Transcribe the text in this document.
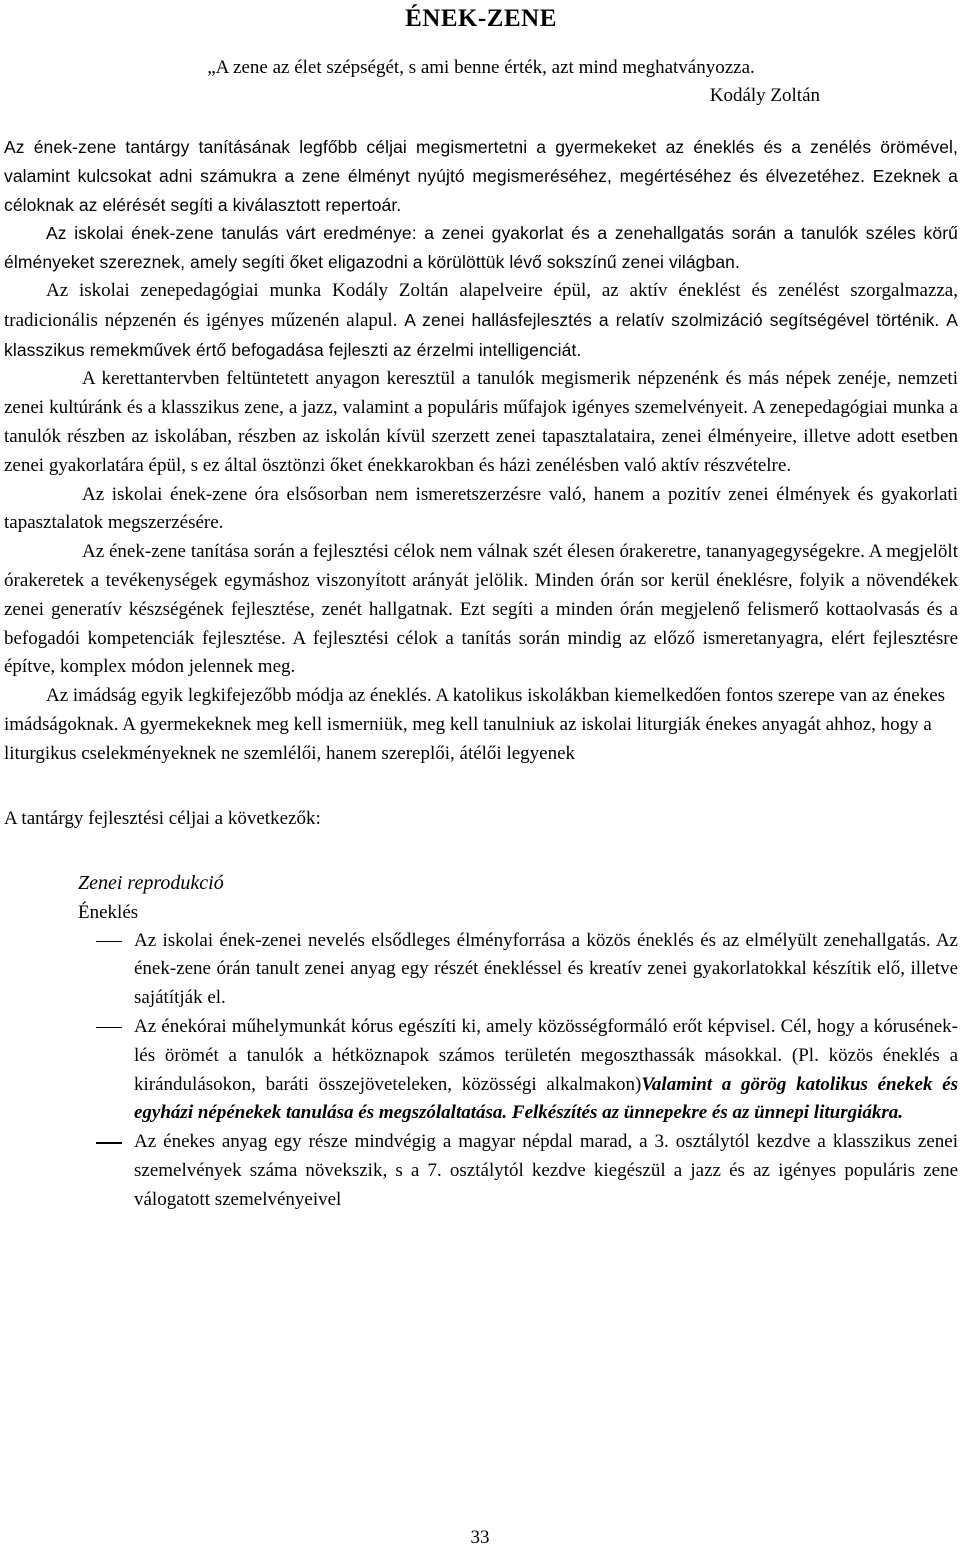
ÉNEK-ZENE
„A zene az élet szépségét, s ami benne érték, azt mind meghatványozza.
Kodály Zoltán

Az ének-zene tantárgy tanításának legfőbb céljai megismertetni a gyermekeket az éneklés és a zenélés örömével, valamint kulcsokat adni számukra a zene élményt nyújtó megismeréséhez, megértéséhez és élvezetéhez. Ezeknek a céloknak az elérését segíti a kiválasztott repertoár.

Az iskolai ének-zene tanulás várt eredménye: a zenei gyakorlat és a zenehallgatás során a tanulók széles körű élményeket szereznek, amely segíti őket eligazodni a körülöttük lévő sokszínű zenei világban.

Az iskolai zenepedagógiai munka Kodály Zoltán alapelveire épül, az aktív éneklést és zenélést szorgalmazza, tradicionális népzenén és igényes műzenén alapul. A zenei hallásfejlesztés a relatív szolmizáció segítségével történik. A klasszikus remekművek értő befogadása fejleszti az érzelmi intelligenciát.

A kerettantervben feltüntetett anyagon keresztül a tanulók megismerik népzenénk és más népek zenéje, nemzeti zenei kultúránk és a klasszikus zene, a jazz, valamint a populáris műfajok igényes szemelvényeit. A zenepedagógiai munka a tanulók részben az iskolában, részben az iskolán kívül szerzett zenei tapasztalataira, zenei élményeire, illetve adott esetben zenei gyakorlatára épül, s ez által ösztönzi őket énekkarokban és házi zenélésben való aktív részvételre.

Az iskolai ének-zene óra elsősorban nem ismeretszerzésre való, hanem a pozitív zenei élmények és gyakorlati tapasztalatok megszerzésére.

Az ének-zene tanítása során a fejlesztési célok nem válnak szét élesen órakeretre, tananyagegységekre. A megjelölt órakeretek a tevékenységek egymáshoz viszonyított arányát jelölik. Minden órán sor kerül éneklésre, folyik a növendékek zenei generatív készségének fejlesztése, zenét hallgatnak. Ezt segíti a minden órán megjelenő felismerő kottaolvasás és a befogadói kompetenciák fejlesztése. A fejlesztési célok a tanítás során mindig az előző ismeretanyagra, elért fejlesztésre építve, komplex módon jelennek meg.

Az imádság egyik legkifejezőbb módja az éneklés. A katolikus iskolákban kiemelkedően fontos szerepe van az énekes imádságoknak. A gyermekeknek meg kell ismerniük, meg kell tanulniuk az iskolai liturgiák énekes anyagát ahhoz, hogy a liturgikus cselekményeknek ne szemlélői, hanem szereplői, átélői legyenek

A tantárgy fejlesztési céljai a következők:
Zenei reprodukció
Éneklés
Az iskolai ének-zenei nevelés elsődleges élményforrása a közös éneklés és az elmélyült zenehallgatás. Az ének-zene órán tanult zenei anyag egy részét énekléssel és kreatív zenei gyakorlatokkal készítik elő, illetve sajátítják el.
Az énekórai műhelymunkát kórus egészíti ki, amely közösségformáló erőt képvisel. Cél, hogy a kóruséneklés örömét a tanulók a hétköznapok számos területén megoszthassák másokkal. (Pl. közös éneklés a kirándulásokon, baráti összejöveteleken, közösségi alkalmakon)Valamint a görög katolikus énekek és egyházi népénekek tanulása és megszólaltatása. Felkészítés az ünnepekre és az ünnepi liturgiákra.
Az énekes anyag egy része mindvégig a magyar népdal marad, a 3. osztálytól kezdve a klasszikus zenei szemelvények száma növekszik, s a 7. osztálytól kezdve kiegészül a jazz és az igényes populáris zene válogatott szemelvényeivel
33
